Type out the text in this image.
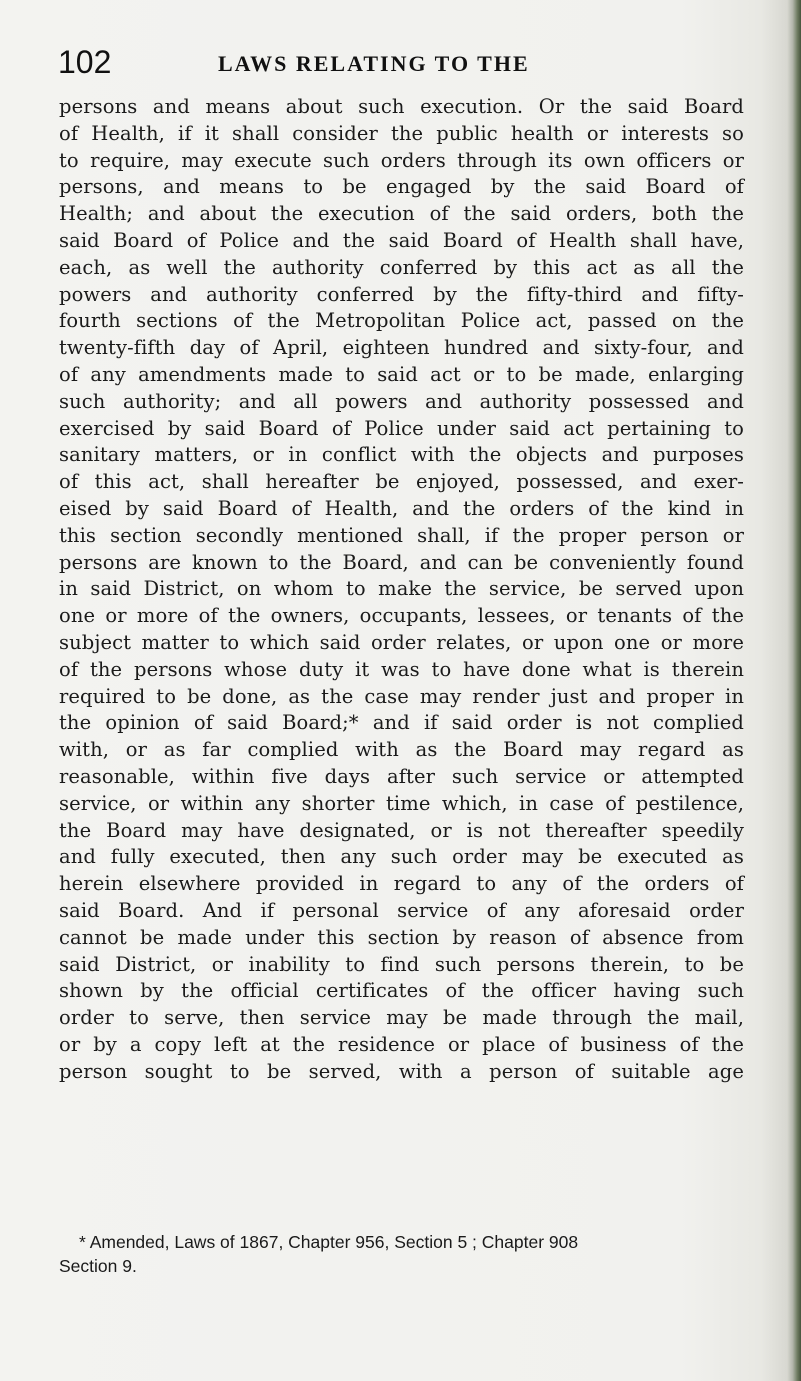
102	LAWS RELATING TO THE
persons and means about such execution. Or the said Board
of Health, if it shall consider the public health or interests so
to require, may execute such orders through its own officers or
persons, and means to be engaged by the said Board of
Health; and about the execution of the said orders, both the
said Board of Police and the said Board of Health shall have,
each, as well the authority conferred by this act as all the
powers and authority conferred by the fifty-third and fifty-
fourth sections of the Metropolitan Police act, passed on the
twenty-fifth day of April, eighteen hundred and sixty-four, and
of any amendments made to said act or to be made, enlarging
such authority; and all powers and authority possessed and
exercised by said Board of Police under said act pertaining to
sanitary matters, or in conflict with the objects and purposes
of this act, shall hereafter be enjoyed, possessed, and exer-
eised by said Board of Health, and the orders of the kind in
this section secondly mentioned shall, if the proper person or
persons are known to the Board, and can be conveniently found
in said District, on whom to make the service, be served upon
one or more of the owners, occupants, lessees, or tenants of the
subject matter to which said order relates, or upon one or more
of the persons whose duty it was to have done what is therein
required to be done, as the case may render just and proper in
the opinion of said Board;* and if said order is not complied
with, or as far complied with as the Board may regard as
reasonable, within five days after such service or attempted
service, or within any shorter time which, in case of pestilence,
the Board may have designated, or is not thereafter speedily
and fully executed, then any such order may be executed as
herein elsewhere provided in regard to any of the orders of
said Board. And if personal service of any aforesaid order
cannot be made under this section by reason of absence from
said District, or inability to find such persons therein, to be
shown by the official certificates of the officer having such
order to serve, then service may be made through the mail,
or by a copy left at the residence or place of business of the
person sought to be served, with a person of suitable age
* Amended, Laws of 1867, Chapter 956, Section 5 ; Chapter 908
Section 9.
